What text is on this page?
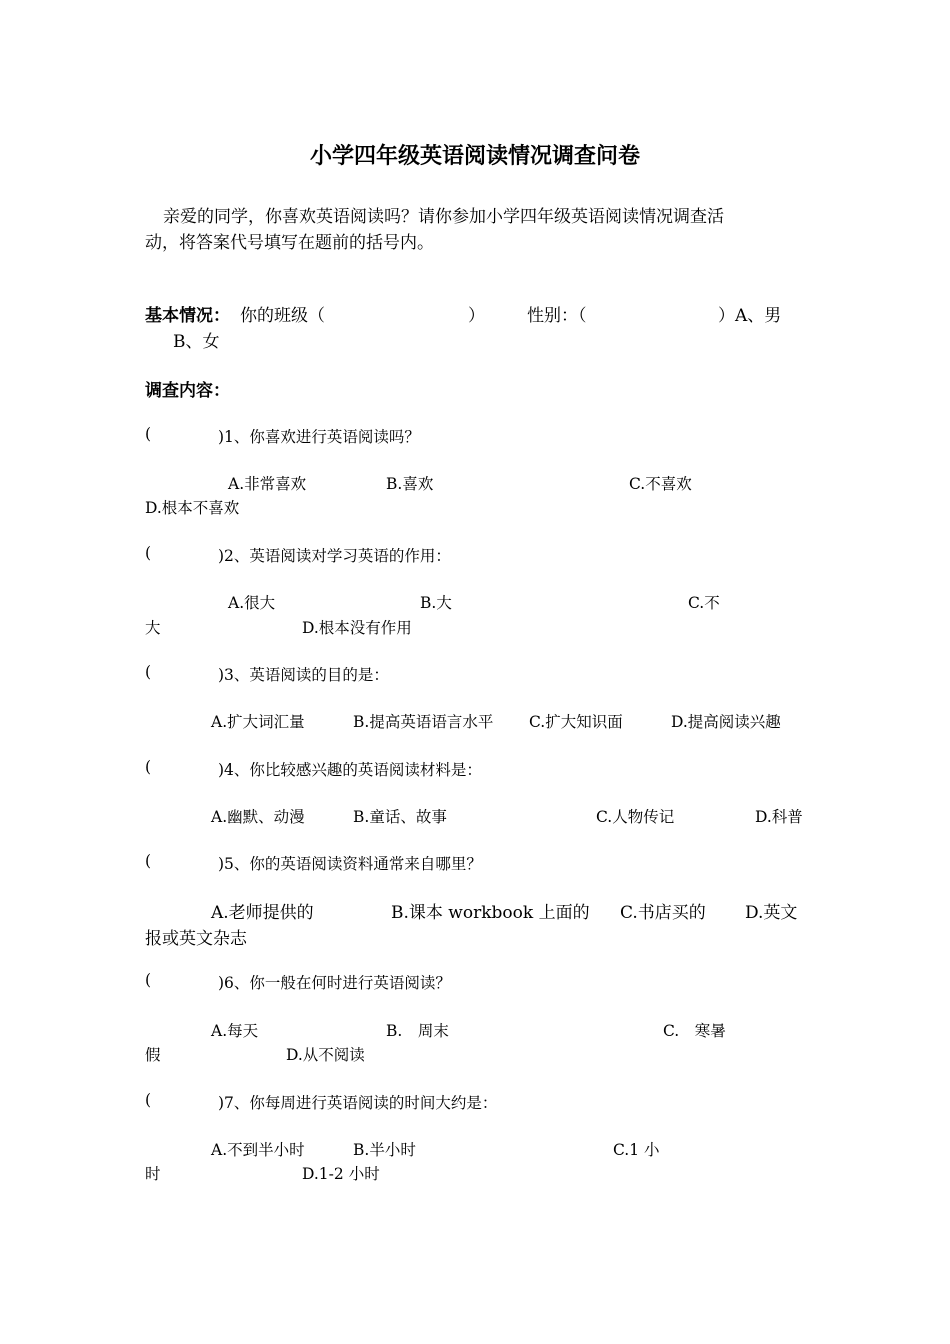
小学四年级英语阅读情况调查问卷
亲爱的同学，你喜欢英语阅读吗？请你参加小学四年级英语阅读情况调查活
动，将答案代号填写在题前的括号内。
基本情况： 你的班级（	） 性别：（	）A、男
B、女
调查内容：
(	)1、你喜欢进行英语阅读吗？
A.非常喜欢	B.喜欢	C.不喜欢
D.根本不喜欢
(	)2、英语阅读对学习英语的作用：
A.很大	B.大	C.不
大	D.根本没有作用
(	)3、英语阅读的目的是：
A.扩大词汇量	B.提高英语语言水平 C.扩大知识面	D.提高阅读兴趣
(	)4、你比较感兴趣的英语阅读材料是：
A.幽默、动漫	B.童话、故事	C.人物传记	D.科普
(	)5、你的英语阅读资料通常来自哪里？
A.老师提供的	B.课本 workbook 上面的 C.书店买的 D.英文
报或英文杂志
(	)6、你一般在何时进行英语阅读？
A.每天	B.　周末	C.　寒暑
假	D.从不阅读
(	)7、你每周进行英语阅读的时间大约是：
A.不到半小时	B.半小时	C.1 小
时	D.1-2 小时
